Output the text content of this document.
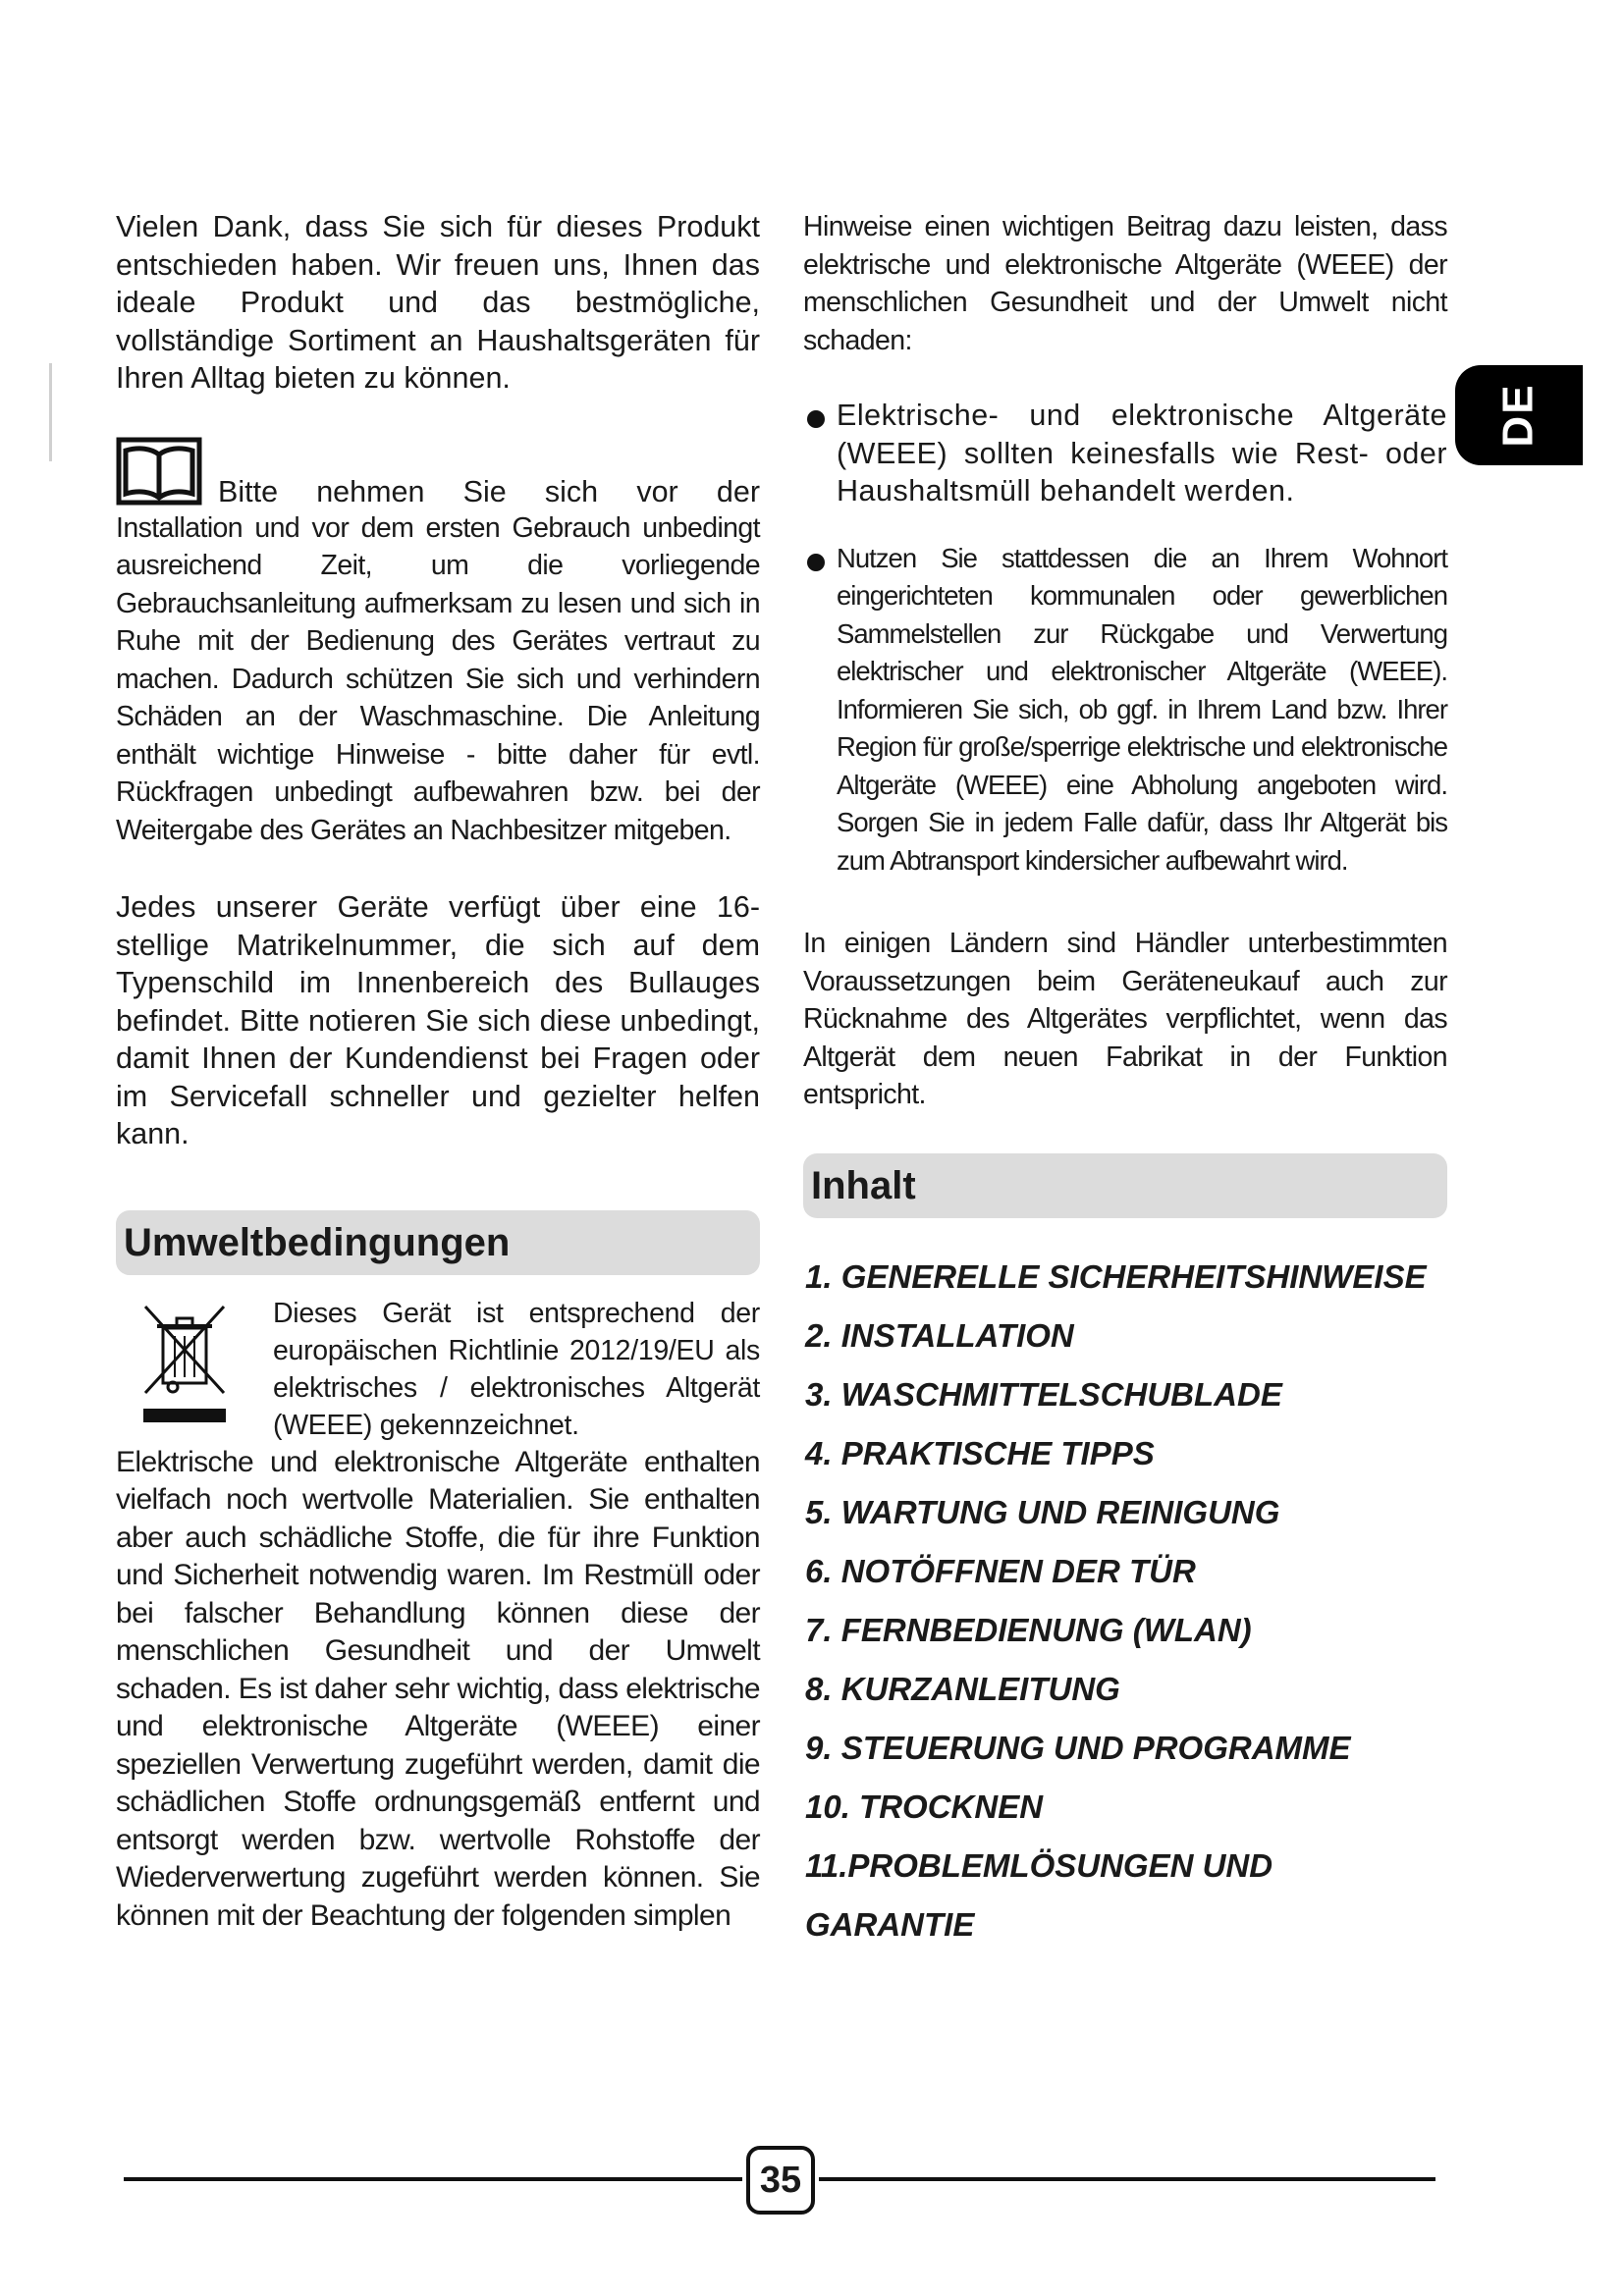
DE

Vielen Dank, dass Sie sich für dieses Produkt entschieden haben. Wir freuen uns, Ihnen das ideale Produkt und das bestmögliche, vollständige Sortiment an Haushaltsgeräten für Ihren Alltag bieten zu können.

Bitte nehmen Sie sich vor der

Installation und vor dem ersten Gebrauch unbedingt ausreichend Zeit, um die vorliegende Gebrauchsanleitung aufmerksam zu lesen und sich in Ruhe mit der Bedienung des Gerätes vertraut zu machen. Dadurch schützen Sie sich und verhindern Schäden an der Waschmaschine. Die Anleitung enthält wichtige Hinweise - bitte daher für evtl. Rückfragen unbedingt aufbewahren bzw. bei der Weitergabe des Gerätes an Nachbesitzer mitgeben.

Jedes unserer Geräte verfügt über eine 16-stellige Matrikelnummer, die sich auf dem Typenschild im Innenbereich des Bullauges befindet. Bitte notieren Sie sich diese unbedingt, damit Ihnen der Kundendienst bei Fragen oder im Servicefall schneller und gezielter helfen kann.

Umweltbedingungen

Dieses Gerät ist entsprechend der europäischen Richtlinie 2012/19/EU als elektrisches / elektronisches Altgerät (WEEE) gekennzeichnet.

Elektrische und elektronische Altgeräte enthalten vielfach noch wertvolle Materialien. Sie enthalten aber auch schädliche Stoffe, die für ihre Funktion und Sicherheit notwendig waren. Im Restmüll oder bei falscher Behandlung können diese der menschlichen Gesundheit und der Umwelt schaden. Es ist daher sehr wichtig, dass elektrische und elektronische Altgeräte (WEEE) einer speziellen Verwertung zugeführt werden, damit die schädlichen Stoffe ordnungsgemäß entfernt und entsorgt werden bzw. wertvolle Rohstoffe der Wiederverwertung zugeführt werden können. Sie können mit der Beachtung der folgenden simplen

Hinweise einen wichtigen Beitrag dazu leisten, dass elektrische und elektronische Altgeräte (WEEE) der menschlichen Gesundheit und der Umwelt nicht schaden:

Elektrische- und elektronische Altgeräte (WEEE) sollten keinesfalls wie Rest- oder Haushaltsmüll behandelt werden.

Nutzen Sie stattdessen die an Ihrem Wohnort eingerichteten kommunalen oder gewerblichen Sammelstellen zur Rückgabe und Verwertung elektrischer und elektronischer Altgeräte (WEEE). Informieren Sie sich, ob ggf. in Ihrem Land bzw. Ihrer Region für große/sperrige elektrische und elektronische Altgeräte (WEEE) eine Abholung angeboten wird. Sorgen Sie in jedem Falle dafür, dass Ihr Altgerät bis zum Abtransport kindersicher aufbewahrt wird.

In einigen Ländern sind Händler unterbestimmten Voraussetzungen beim Geräteneukauf auch zur Rücknahme des Altgerätes verpflichtet, wenn das Altgerät dem neuen Fabrikat in der Funktion entspricht.

Inhalt
1. GENERELLE SICHERHEITSHINWEISE
2. INSTALLATION
3. WASCHMITTELSCHUBLADE
4. PRAKTISCHE TIPPS
5. WARTUNG UND REINIGUNG
6. NOTÖFFNEN DER TÜR
7. FERNBEDIENUNG (WLAN)
8. KURZANLEITUNG
9. STEUERUNG UND PROGRAMME
10. TROCKNEN
11.PROBLEMLÖSUNGEN UND GARANTIE
35
